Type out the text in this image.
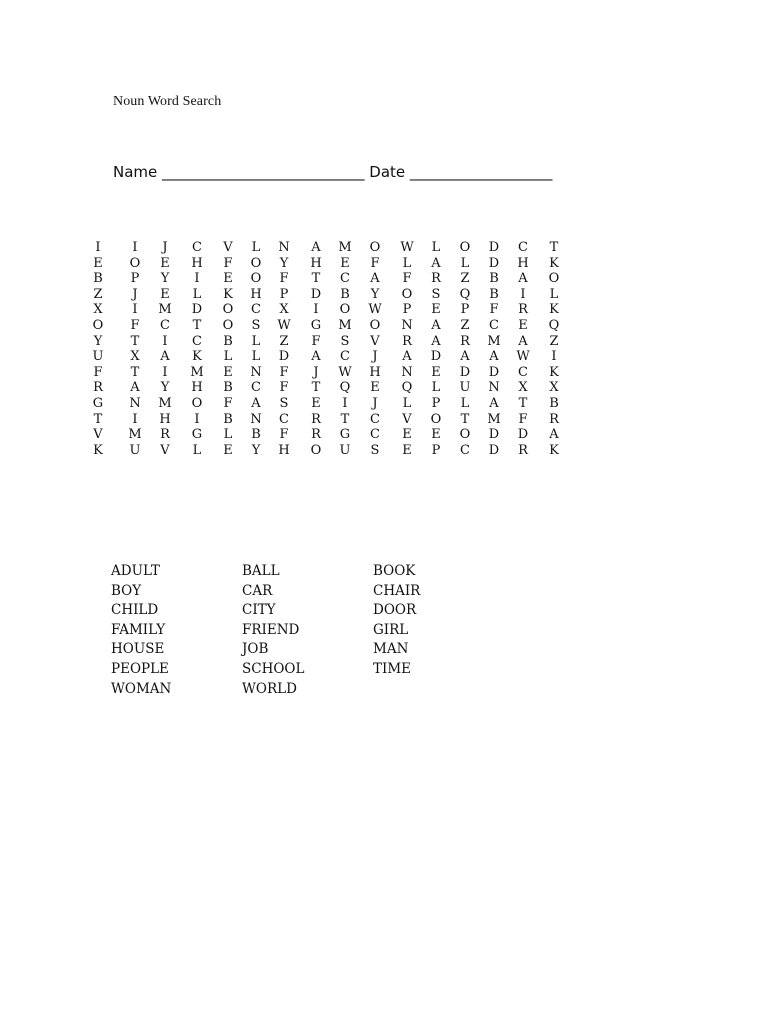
Noun Word Search
Name ___________________________ Date ___________________
I	I	J	C	V	L	N	A	M	O	W	L	O	D	C	T
E	O	E	H	F	O	Y	H	E	F	L	A	L	D	H	K
B	P	Y	I	E	O	F	T	C	A	F	R	Z	B	A	O
Z	J	E	L	K	H	P	D	B	Y	O	S	Q	B	I	L
X	I	M	D	O	C	X	I	O	W	P	E	P	F	R	K
O	F	C	T	O	S	W	G	M	O	N	A	Z	C	E	Q
Y	T	I	C	B	L	Z	F	S	V	R	A	R	M	A	Z
U	X	A	K	L	L	D	A	C	J	A	D	A	A	W	I
F	T	I	M	E	N	F	J	W	H	N	E	D	D	C	K
R	A	Y	H	B	C	F	T	Q	E	Q	L	U	N	X	X
G	N	M	O	F	A	S	E	I	J	L	P	L	A	T	B
T	I	H	I	B	N	C	R	T	C	V	O	T	M	F	R
V	M	R	G	L	B	F	R	G	C	E	E	O	D	D	A
K	U	V	L	E	Y	H	O	U	S	E	P	C	D	R	K
ADULT
BOY
CHILD
FAMILY
HOUSE
PEOPLE
WOMAN
BALL
CAR
CITY
FRIEND
JOB
SCHOOL
WORLD
BOOK
CHAIR
DOOR
GIRL
MAN
TIME
